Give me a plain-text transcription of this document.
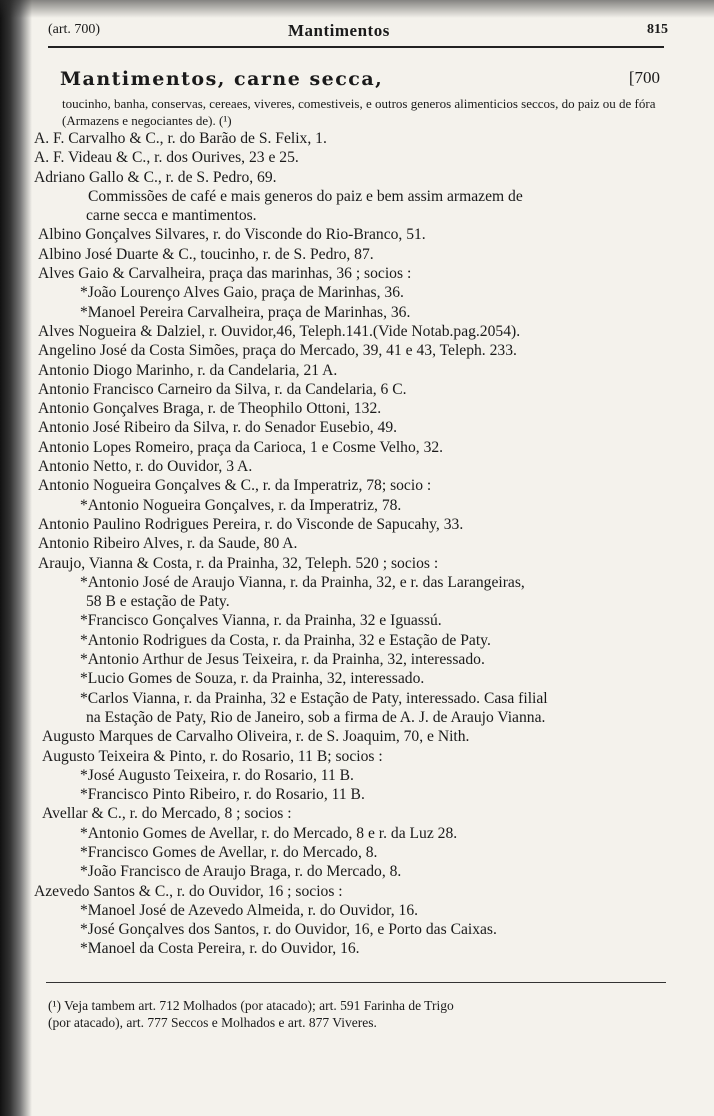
(art. 700)	Mantimentos	815
Mantimentos, carne secca,	[700
toucinho, banha, conservas, cereaes, viveres, comestiveis, e outros generos alimenticios seccos, do paiz ou de fóra (Armazens e negociantes de). (¹)
A. F. Carvalho & C., r. do Barão de S. Felix, 1.
A. F. Videau & C., r. dos Ourives, 23 e 25.
Adriano Gallo & C., r. de S. Pedro, 69.
Commissões de café e mais generos do paiz e bem assim armazem de
carne secca e mantimentos.
Albino Gonçalves Silvares, r. do Visconde do Rio-Branco, 51.
Albino José Duarte & C., toucinho, r. de S. Pedro, 87.
Alves Gaio & Carvalheira, praça das marinhas, 36 ; socios :
*João Lourenço Alves Gaio, praça de Marinhas, 36.
*Manoel Pereira Carvalheira, praça de Marinhas, 36.
Alves Nogueira & Dalziel, r. Ouvidor,46, Teleph.141.(Vide Notab.pag.2054).
Angelino José da Costa Simões, praça do Mercado, 39, 41 e 43, Teleph. 233.
Antonio Diogo Marinho, r. da Candelaria, 21 A.
Antonio Francisco Carneiro da Silva, r. da Candelaria, 6 C.
Antonio Gonçalves Braga, r. de Theophilo Ottoni, 132.
Antonio José Ribeiro da Silva, r. do Senador Eusebio, 49.
Antonio Lopes Romeiro, praça da Carioca, 1 e Cosme Velho, 32.
Antonio Netto, r. do Ouvidor, 3 A.
Antonio Nogueira Gonçalves & C., r. da Imperatriz, 78; socio :
*Antonio Nogueira Gonçalves, r. da Imperatriz, 78.
Antonio Paulino Rodrigues Pereira, r. do Visconde de Sapucahy, 33.
Antonio Ribeiro Alves, r. da Saude, 80 A.
Araujo, Vianna & Costa, r. da Prainha, 32, Teleph. 520 ; socios :
*Antonio José de Araujo Vianna, r. da Prainha, 32, e r. das Larangeiras,
58 B e estação de Paty.
*Francisco Gonçalves Vianna, r. da Prainha, 32 e Iguassú.
*Antonio Rodrigues da Costa, r. da Prainha, 32 e Estação de Paty.
*Antonio Arthur de Jesus Teixeira, r. da Prainha, 32, interessado.
*Lucio Gomes de Souza, r. da Prainha, 32, interessado.
*Carlos Vianna, r. da Prainha, 32 e Estação de Paty, interessado. Casa filial
na Estação de Paty, Rio de Janeiro, sob a firma de A. J. de Araujo Vianna.
Augusto Marques de Carvalho Oliveira, r. de S. Joaquim, 70, e Nith.
Augusto Teixeira & Pinto, r. do Rosario, 11 B; socios :
*José Augusto Teixeira, r. do Rosario, 11 B.
*Francisco Pinto Ribeiro, r. do Rosario, 11 B.
Avellar & C., r. do Mercado, 8 ; socios :
*Antonio Gomes de Avellar, r. do Mercado, 8 e r. da Luz 28.
*Francisco Gomes de Avellar, r. do Mercado, 8.
*João Francisco de Araujo Braga, r. do Mercado, 8.
Azevedo Santos & C., r. do Ouvidor, 16 ; socios :
*Manoel José de Azevedo Almeida, r. do Ouvidor, 16.
*José Gonçalves dos Santos, r. do Ouvidor, 16, e Porto das Caixas.
*Manoel da Costa Pereira, r. do Ouvidor, 16.
(¹) Veja tambem art. 712 Molhados (por atacado); art. 591 Farinha de Trigo
(por atacado), art. 777 Seccos e Molhados e art. 877 Viveres.
